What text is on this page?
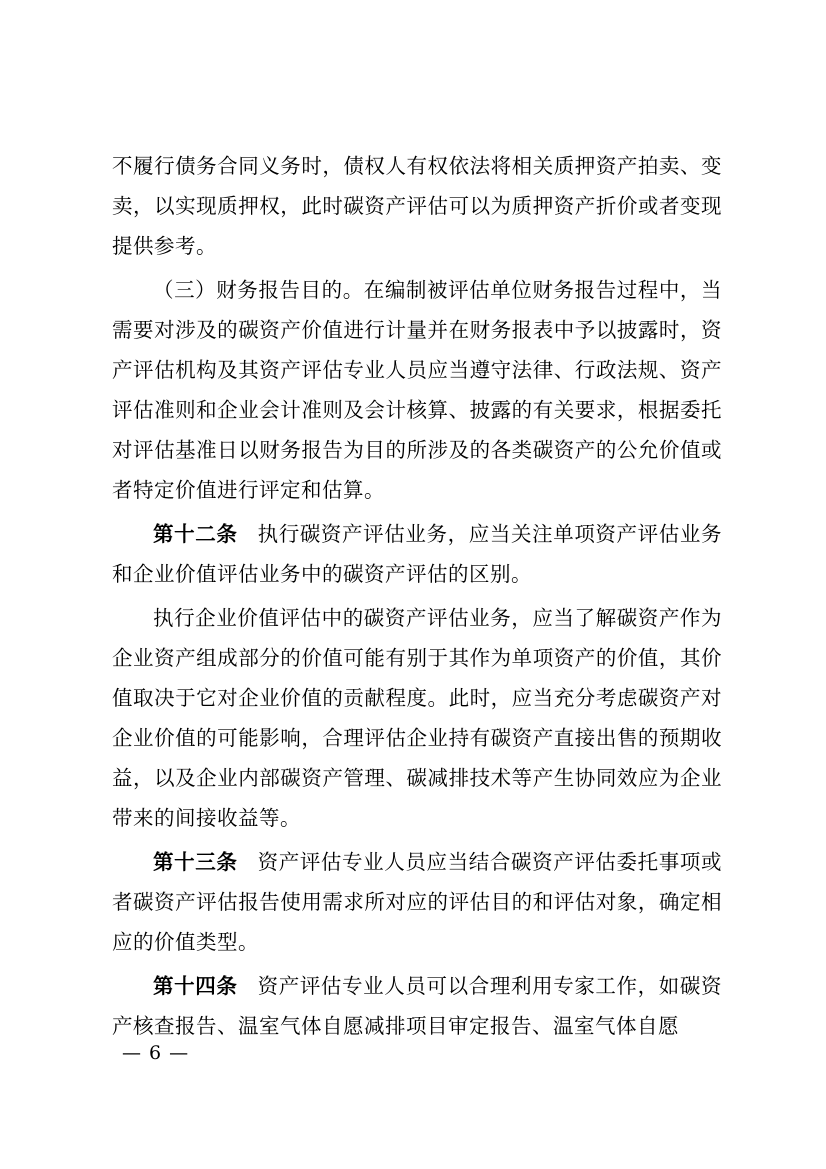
不履行债务合同义务时，债权人有权依法将相关质押资产拍卖、变卖，以实现质押权，此时碳资产评估可以为质押资产折价或者变现提供参考。

（三）财务报告目的。在编制被评估单位财务报告过程中，当需要对涉及的碳资产价值进行计量并在财务报表中予以披露时，资产评估机构及其资产评估专业人员应当遵守法律、行政法规、资产评估准则和企业会计准则及会计核算、披露的有关要求，根据委托对评估基准日以财务报告为目的所涉及的各类碳资产的公允价值或者特定价值进行评定和估算。

第十二条 执行碳资产评估业务，应当关注单项资产评估业务和企业价值评估业务中的碳资产评估的区别。

执行企业价值评估中的碳资产评估业务，应当了解碳资产作为企业资产组成部分的价值可能有别于其作为单项资产的价值，其价值取决于它对企业价值的贡献程度。此时，应当充分考虑碳资产对企业价值的可能影响，合理评估企业持有碳资产直接出售的预期收益，以及企业内部碳资产管理、碳减排技术等产生协同效应为企业带来的间接收益等。

第十三条 资产评估专业人员应当结合碳资产评估委托事项或者碳资产评估报告使用需求所对应的评估目的和评估对象，确定相应的价值类型。

第十四条 资产评估专业人员可以合理利用专家工作，如碳资产核查报告、温室气体自愿减排项目审定报告、温室气体自愿

— 6 —
